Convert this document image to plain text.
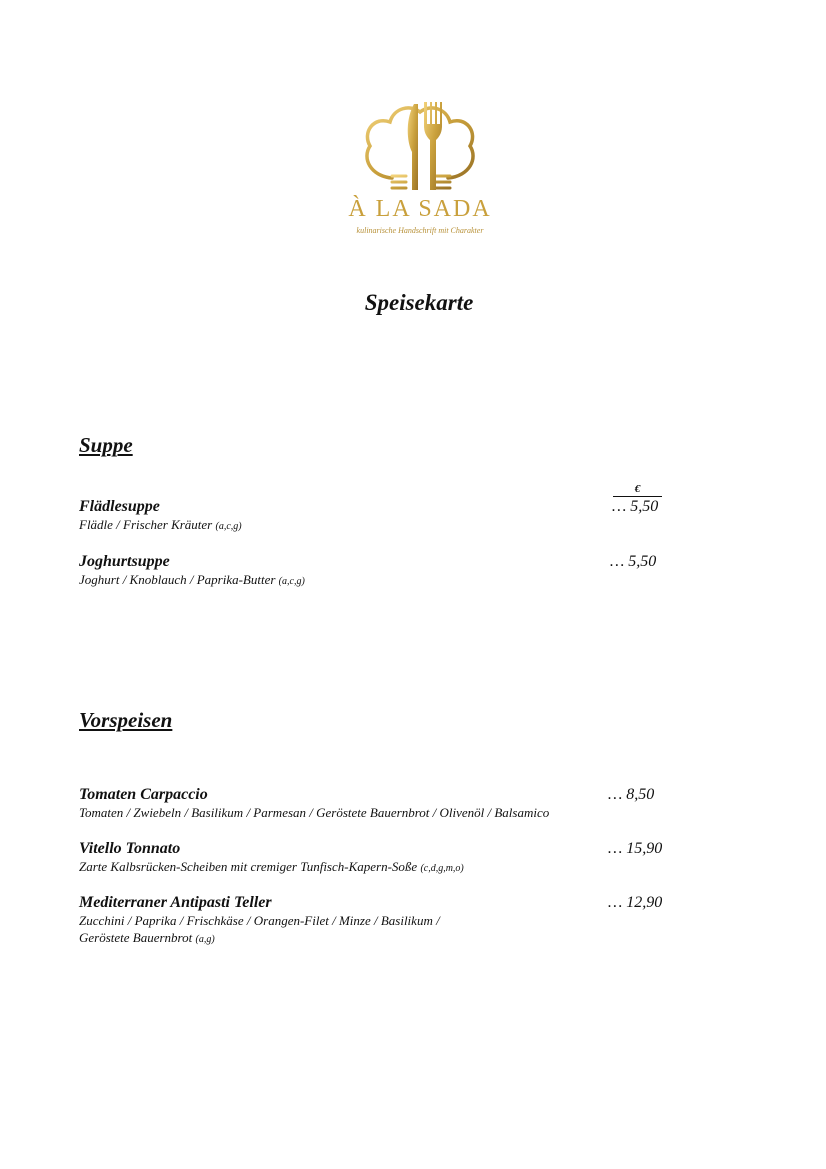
À LA SADA
kulinarische Handschrift mit Charakter
Speisekarte
Suppe
€
Flädlesuppe
Flädle / Frischer Kräuter (a,c,g)
… 5,50
Joghurtsuppe
Joghurt / Knoblauch / Paprika-Butter (a,c,g)
… 5,50
Vorspeisen
Tomaten Carpaccio
Tomaten / Zwiebeln / Basilikum / Parmesan / Geröstete Bauernbrot / Olivenöl / Balsamico
… 8,50
Vitello Tonnato
Zarte Kalbsrücken-Scheiben mit cremiger Tunfisch-Kapern-Soße (c,d,g,m,o)
… 15,90
Mediterraner Antipasti Teller
Zucchini / Paprika / Frischkäse / Orangen-Filet / Minze / Basilikum /
Geröstete Bauernbrot (a,g)
… 12,90
